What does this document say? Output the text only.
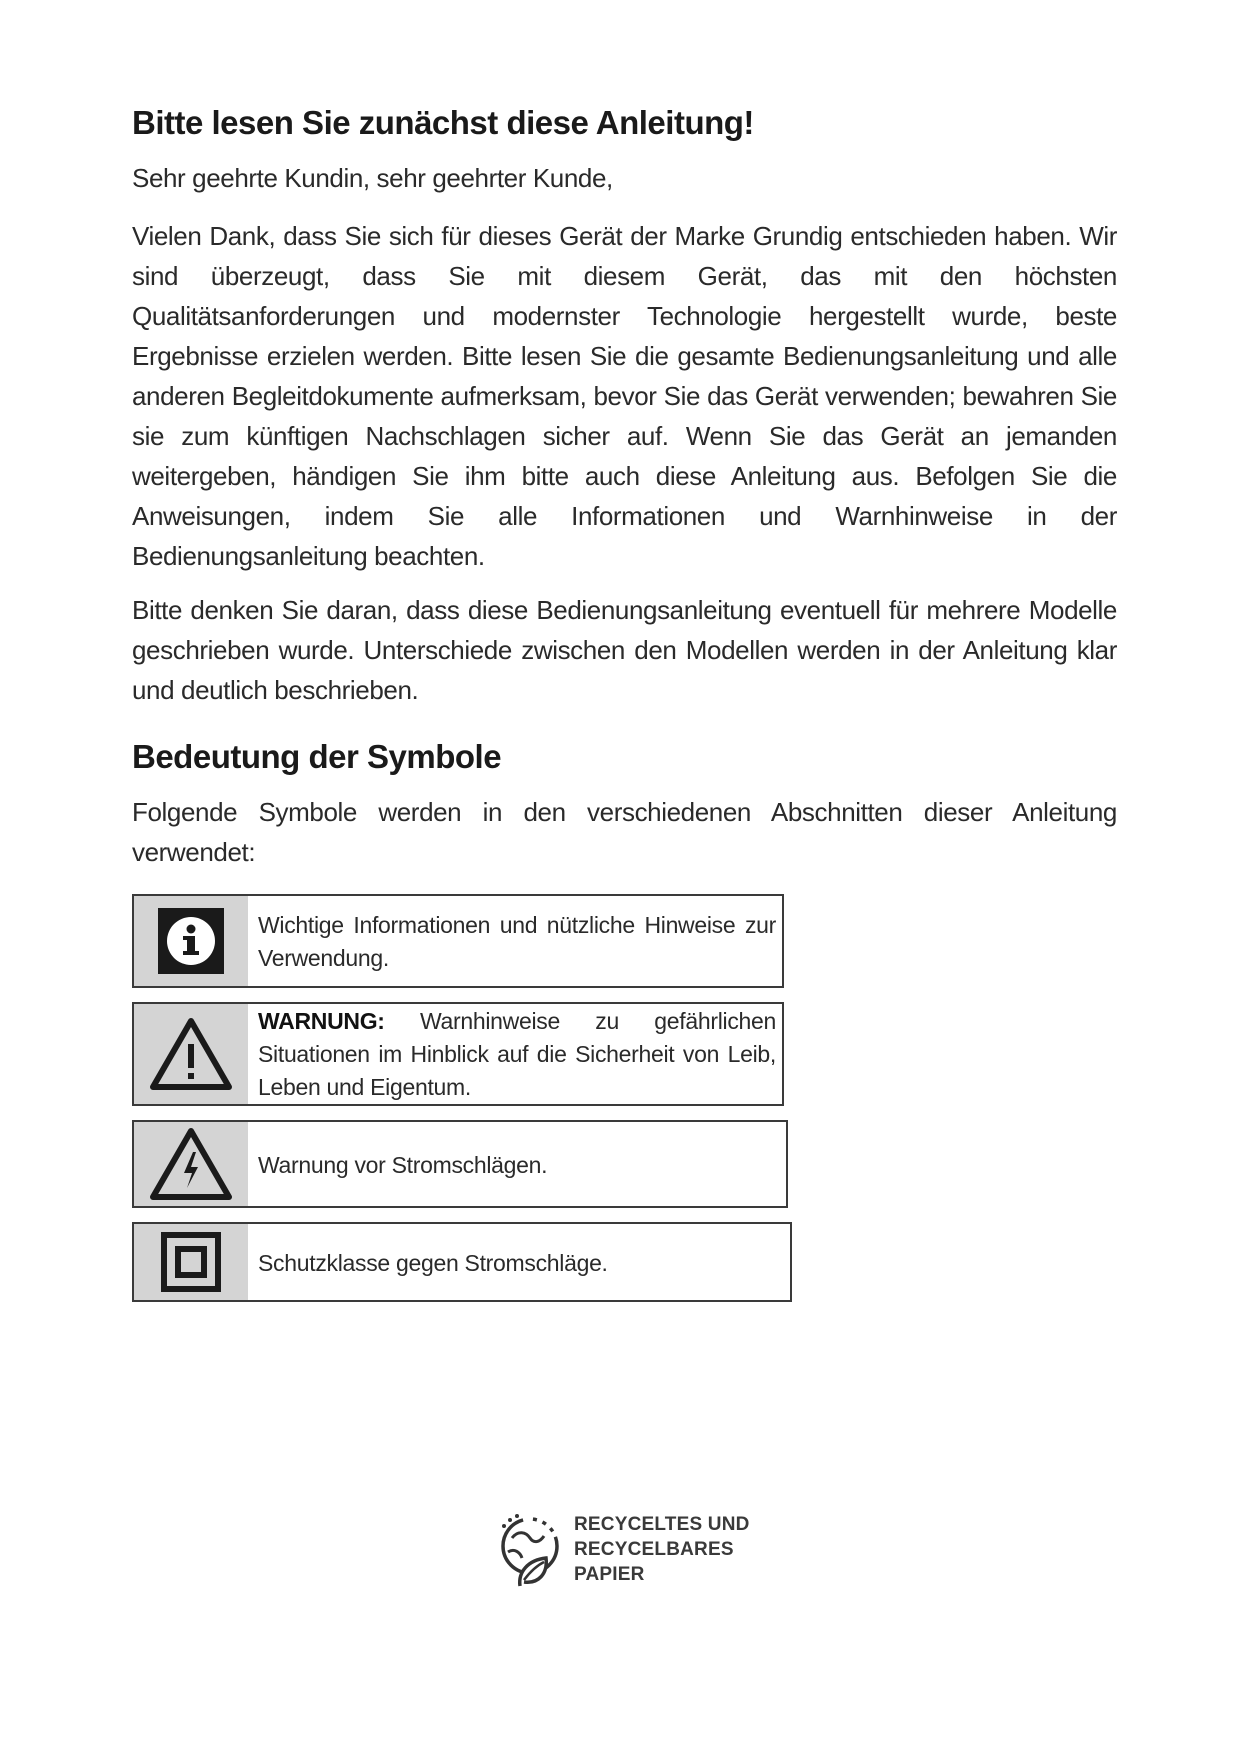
Bitte lesen Sie zunächst diese Anleitung!

Sehr geehrte Kundin, sehr geehrter Kunde,

Vielen Dank, dass Sie sich für dieses Gerät der Marke Grundig entschieden haben. Wir sind überzeugt, dass Sie mit diesem Gerät, das mit den höchsten Qualitätsanforderungen und modernster Technologie hergestellt wurde, beste Ergebnisse erzielen werden. Bitte lesen Sie die gesamte Bedienungsanleitung und alle anderen Begleitdokumente aufmerksam, bevor Sie das Gerät verwenden; bewahren Sie sie zum künftigen Nachschlagen sicher auf. Wenn Sie das Gerät an jemanden weitergeben, händigen Sie ihm bitte auch diese Anleitung aus. Befolgen Sie die Anweisungen, indem Sie alle Informationen und Warnhinweise in der Bedienungsanleitung beachten.

Bitte denken Sie daran, dass diese Bedienungsanleitung eventuell für mehrere Modelle geschrieben wurde. Unterschiede zwischen den Modellen werden in der Anleitung klar und deutlich beschrieben.

Bedeutung der Symbole

Folgende Symbole werden in den verschiedenen Abschnitten dieser Anleitung verwendet:

Wichtige Informationen und nützliche Hinweise zur Verwendung.
WARNUNG: Warnhinweise zu gefährlichen Situationen im Hinblick auf die Sicherheit von Leib, Leben und Eigentum.
Warnung vor Stromschlägen.
Schutzklasse gegen Stromschläge.
RECYCELTES UND
RECYCELBARES
PAPIER
